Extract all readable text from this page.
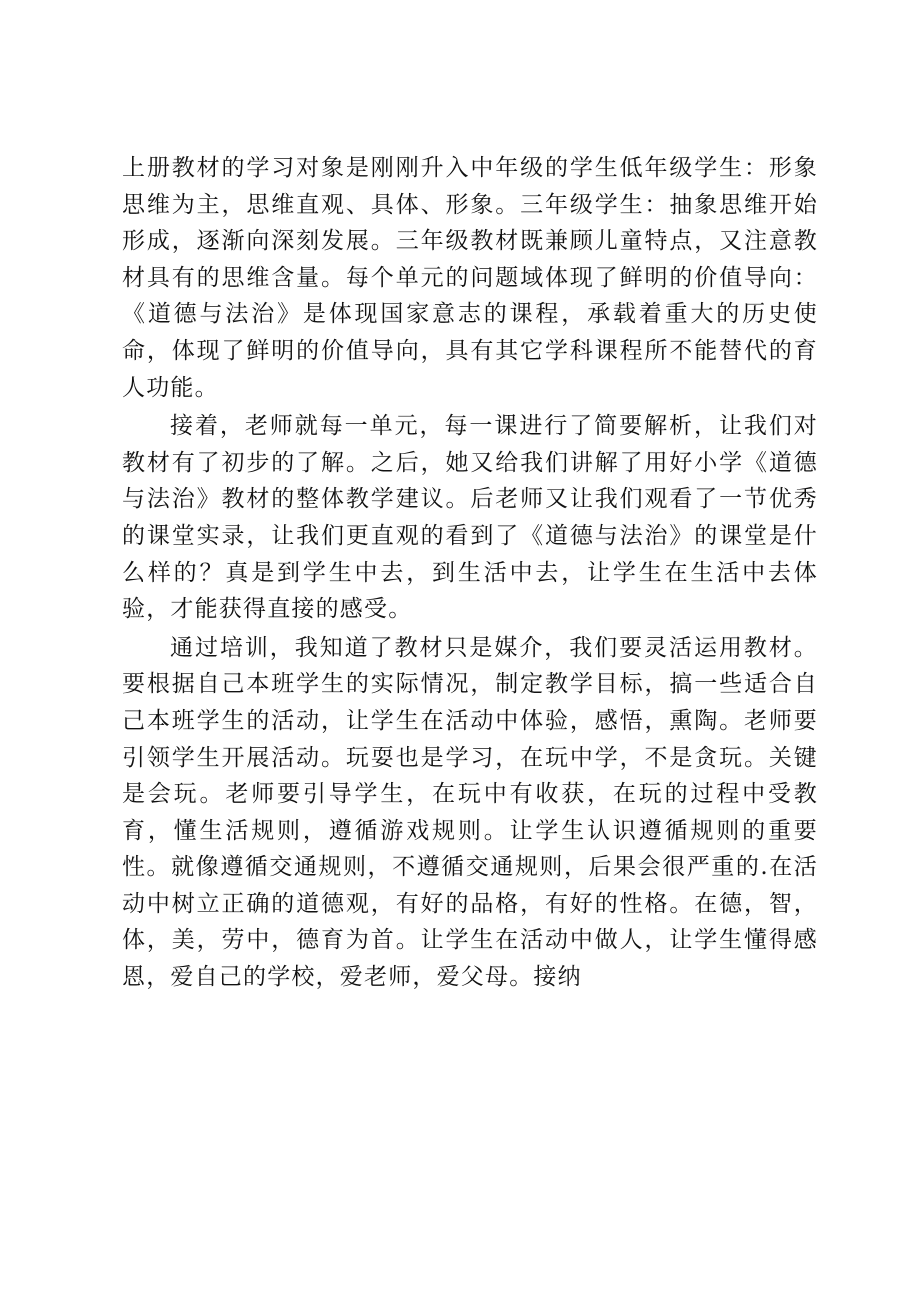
上册教材的学习对象是刚刚升入中年级的学生低年级学生：形象思维为主，思维直观、具体、形象。三年级学生：抽象思维开始形成，逐渐向深刻发展。三年级教材既兼顾儿童特点，又注意教材具有的思维含量。每个单元的问题域体现了鲜明的价值导向：《道德与法治》是体现国家意志的课程，承载着重大的历史使命，体现了鲜明的价值导向，具有其它学科课程所不能替代的育人功能。

接着，老师就每一单元，每一课进行了简要解析，让我们对教材有了初步的了解。之后，她又给我们讲解了用好小学《道德与法治》教材的整体教学建议。后老师又让我们观看了一节优秀的课堂实录，让我们更直观的看到了《道德与法治》的课堂是什么样的？真是到学生中去，到生活中去，让学生在生活中去体验，才能获得直接的感受。

通过培训，我知道了教材只是媒介，我们要灵活运用教材。要根据自己本班学生的实际情况，制定教学目标，搞一些适合自己本班学生的活动，让学生在活动中体验，感悟，熏陶。老师要引领学生开展活动。玩耍也是学习，在玩中学，不是贪玩。关键是会玩。老师要引导学生，在玩中有收获，在玩的过程中受教育，懂生活规则，遵循游戏规则。让学生认识遵循规则的重要性。就像遵循交通规则，不遵循交通规则，后果会很严重的.在活动中树立正确的道德观，有好的品格，有好的性格。在德，智，体，美，劳中，德育为首。让学生在活动中做人，让学生懂得感恩，爱自己的学校，爱老师，爱父母。接纳
